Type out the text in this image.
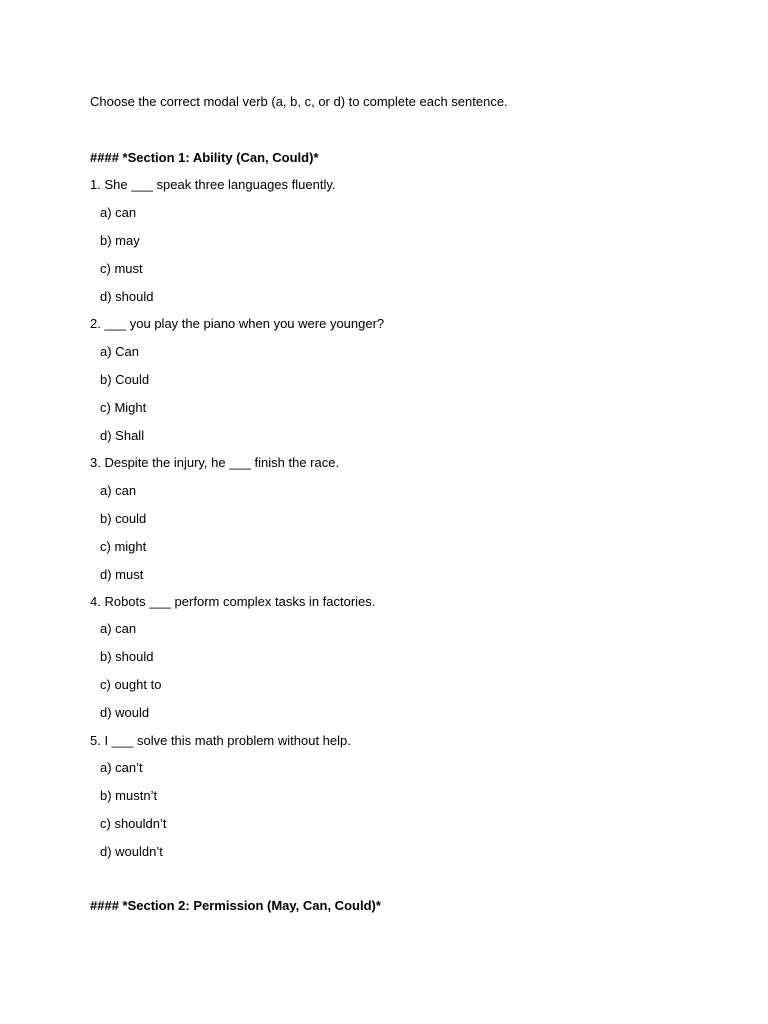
Choose the correct modal verb (a, b, c, or d) to complete each sentence.
#### *Section 1: Ability (Can, Could)*
1. She ___ speak three languages fluently.
a) can
b) may
c) must
d) should
2. ___ you play the piano when you were younger?
a) Can
b) Could
c) Might
d) Shall
3. Despite the injury, he ___ finish the race.
a) can
b) could
c) might
d) must
4. Robots ___ perform complex tasks in factories.
a) can
b) should
c) ought to
d) would
5. I ___ solve this math problem without help.
a) can’t
b) mustn’t
c) shouldn’t
d) wouldn’t
#### *Section 2: Permission (May, Can, Could)*
